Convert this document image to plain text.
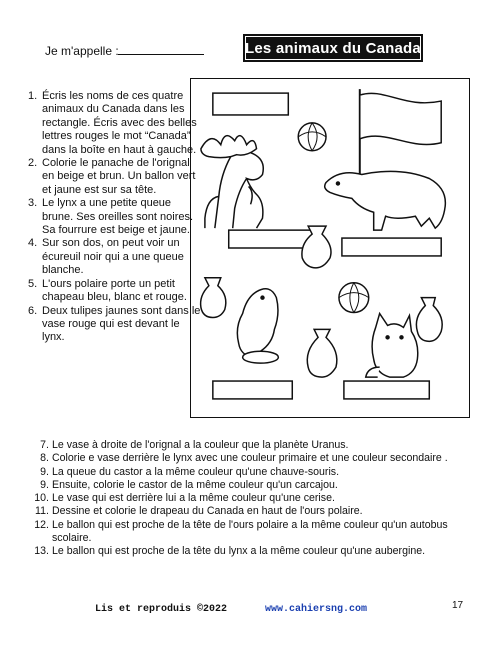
Je m'appelle :	Les animaux du Canada
1. Écris les noms de ces quatre animaux du Canada dans les rectangle. Écris avec des belles lettres rouges le mot “Canada” dans la boîte en haut à gauche.
2. Colorie le panache de l'orignal en beige et brun. Un ballon vert et jaune est sur sa tête.
3. Le lynx a une petite queue brune. Ses oreilles sont noires. Sa fourrure est beige et jaune.
4. Sur son dos, on peut voir un écureuil noir qui a une queue blanche.
5. L'ours polaire porte un petit chapeau bleu, blanc et rouge.
6. Deux tulipes jaunes sont dans le vase rouge qui est devant le lynx.
7. Le vase à droite de l'orignal a la couleur que la planète Uranus.
8. Colorie e vase derrière le lynx avec une couleur primaire et une couleur secondaire .
9. La queue du castor a la même couleur qu'une chauve-souris.
9. Ensuite, colorie le castor de la même couleur qu'un carcajou.
10. Le vase qui est derrière lui a la même couleur qu'une cerise.
11. Dessine et colorie le drapeau du Canada en haut de l'ours polaire.
12. Le ballon qui est proche de la tête de l'ours polaire a la même couleur qu'un autobus scolaire.
13. Le ballon qui est proche de la tête du lynx a la même couleur qu'une aubergine.
Lis et reproduis ©2022	www.cahiersng.com	17
